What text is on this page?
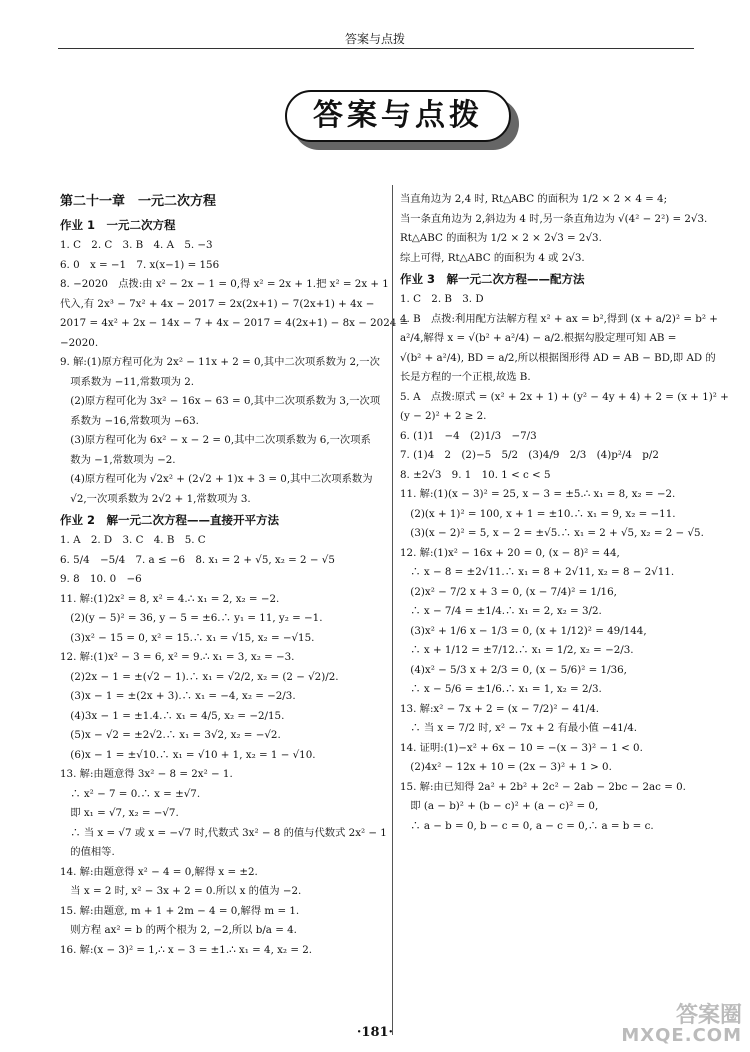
答案与点拨
答案与点拨
第二十一章　一元二次方程
作业 1　一元二次方程
1. C　2. C　3. B　4. A　5. −3
6. 0　x = −1　7. x(x−1) = 156
8. −2020　点拨:由 x² − 2x − 1 = 0,得 x² = 2x + 1.把 x² = 2x + 1
代入,有 2x³ − 7x² + 4x − 2017 = 2x(2x+1) − 7(2x+1) + 4x −
2017 = 4x² + 2x − 14x − 7 + 4x − 2017 = 4(2x+1) − 8x − 2024 =
−2020.
9. 解:(1)原方程可化为 2x² − 11x + 2 = 0,其中二次项系数为 2,一次
　项系数为 −11,常数项为 2.
　(2)原方程可化为 3x² − 16x − 63 = 0,其中二次项系数为 3,一次项
　系数为 −16,常数项为 −63.
　(3)原方程可化为 6x² − x − 2 = 0,其中二次项系数为 6,一次项系
　数为 −1,常数项为 −2.
　(4)原方程可化为 √2x² + (2√2 + 1)x + 3 = 0,其中二次项系数为
　√2,一次项系数为 2√2 + 1,常数项为 3.
作业 2　解一元二次方程——直接开平方法
1. A　2. D　3. C　4. B　5. C
6. 5/4　−5/4　7. a ≤ −6　8. x₁ = 2 + √5, x₂ = 2 − √5
9. 8　10. 0　−6
11. 解:(1)2x² = 8, x² = 4.∴ x₁ = 2, x₂ = −2.
　(2)(y − 5)² = 36, y − 5 = ±6.∴ y₁ = 11, y₂ = −1.
　(3)x² − 15 = 0, x² = 15.∴ x₁ = √15, x₂ = −√15.
12. 解:(1)x² − 3 = 6, x² = 9.∴ x₁ = 3, x₂ = −3.
　(2)2x − 1 = ±(√2 − 1).∴ x₁ = √2/2, x₂ = (2 − √2)/2.
　(3)x − 1 = ±(2x + 3).∴ x₁ = −4, x₂ = −2/3.
　(4)3x − 1 = ±1.4.∴ x₁ = 4/5, x₂ = −2/15.
　(5)x − √2 = ±2√2.∴ x₁ = 3√2, x₂ = −√2.
　(6)x − 1 = ±√10.∴ x₁ = √10 + 1, x₂ = 1 − √10.
13. 解:由题意得 3x² − 8 = 2x² − 1.
　∴ x² − 7 = 0.∴ x = ±√7.
　即 x₁ = √7, x₂ = −√7.
　∴ 当 x = √7 或 x = −√7 时,代数式 3x² − 8 的值与代数式 2x² − 1
　的值相等.
14. 解:由题意得 x² − 4 = 0,解得 x = ±2.
　当 x = 2 时, x² − 3x + 2 = 0.所以 x 的值为 −2.
15. 解:由题意, m + 1 + 2m − 4 = 0,解得 m = 1.
　则方程 ax² = b 的两个根为 2, −2,所以 b/a = 4.
16. 解:(x − 3)² = 1,∴ x − 3 = ±1.∴ x₁ = 4, x₂ = 2.
当直角边为 2,4 时, Rt△ABC 的面积为 1/2 × 2 × 4 = 4;
当一条直角边为 2,斜边为 4 时,另一条直角边为 √(4² − 2²) = 2√3.
Rt△ABC 的面积为 1/2 × 2 × 2√3 = 2√3.
综上可得, Rt△ABC 的面积为 4 或 2√3.
作业 3　解一元二次方程——配方法
1. C　2. B　3. D
4. B　点拨:利用配方法解方程 x² + ax = b²,得到 (x + a/2)² = b² +
a²/4,解得 x = √(b² + a²/4) − a/2.根据勾股定理可知 AB =
√(b² + a²/4), BD = a/2,所以根据图形得 AD = AB − BD,即 AD 的
长是方程的一个正根,故选 B.
5. A　点拨:原式 = (x² + 2x + 1) + (y² − 4y + 4) + 2 = (x + 1)² +
(y − 2)² + 2 ≥ 2.
6. (1)1　−4　(2)1/3　−7/3
7. (1)4　2　(2)−5　5/2　(3)4/9　2/3　(4)p²/4　p/2
8. ±2√3　9. 1　10. 1 < c < 5
11. 解:(1)(x − 3)² = 25, x − 3 = ±5.∴ x₁ = 8, x₂ = −2.
　(2)(x + 1)² = 100, x + 1 = ±10.∴ x₁ = 9, x₂ = −11.
　(3)(x − 2)² = 5, x − 2 = ±√5.∴ x₁ = 2 + √5, x₂ = 2 − √5.
12. 解:(1)x² − 16x + 20 = 0, (x − 8)² = 44,
　∴ x − 8 = ±2√11.∴ x₁ = 8 + 2√11, x₂ = 8 − 2√11.
　(2)x² − 7/2 x + 3 = 0, (x − 7/4)² = 1/16,
　∴ x − 7/4 = ±1/4.∴ x₁ = 2, x₂ = 3/2.
　(3)x² + 1/6 x − 1/3 = 0, (x + 1/12)² = 49/144,
　∴ x + 1/12 = ±7/12.∴ x₁ = 1/2, x₂ = −2/3.
　(4)x² − 5/3 x + 2/3 = 0, (x − 5/6)² = 1/36,
　∴ x − 5/6 = ±1/6.∴ x₁ = 1, x₂ = 2/3.
13. 解:x² − 7x + 2 = (x − 7/2)² − 41/4.
　∴ 当 x = 7/2 时, x² − 7x + 2 有最小值 −41/4.
14. 证明:(1)−x² + 6x − 10 = −(x − 3)² − 1 < 0.
　(2)4x² − 12x + 10 = (2x − 3)² + 1 > 0.
15. 解:由已知得 2a² + 2b² + 2c² − 2ab − 2bc − 2ac = 0.
　即 (a − b)² + (b − c)² + (a − c)² = 0,
　∴ a − b = 0, b − c = 0, a − c = 0,∴ a = b = c.
·181·
答案圈
MXQE.COM
